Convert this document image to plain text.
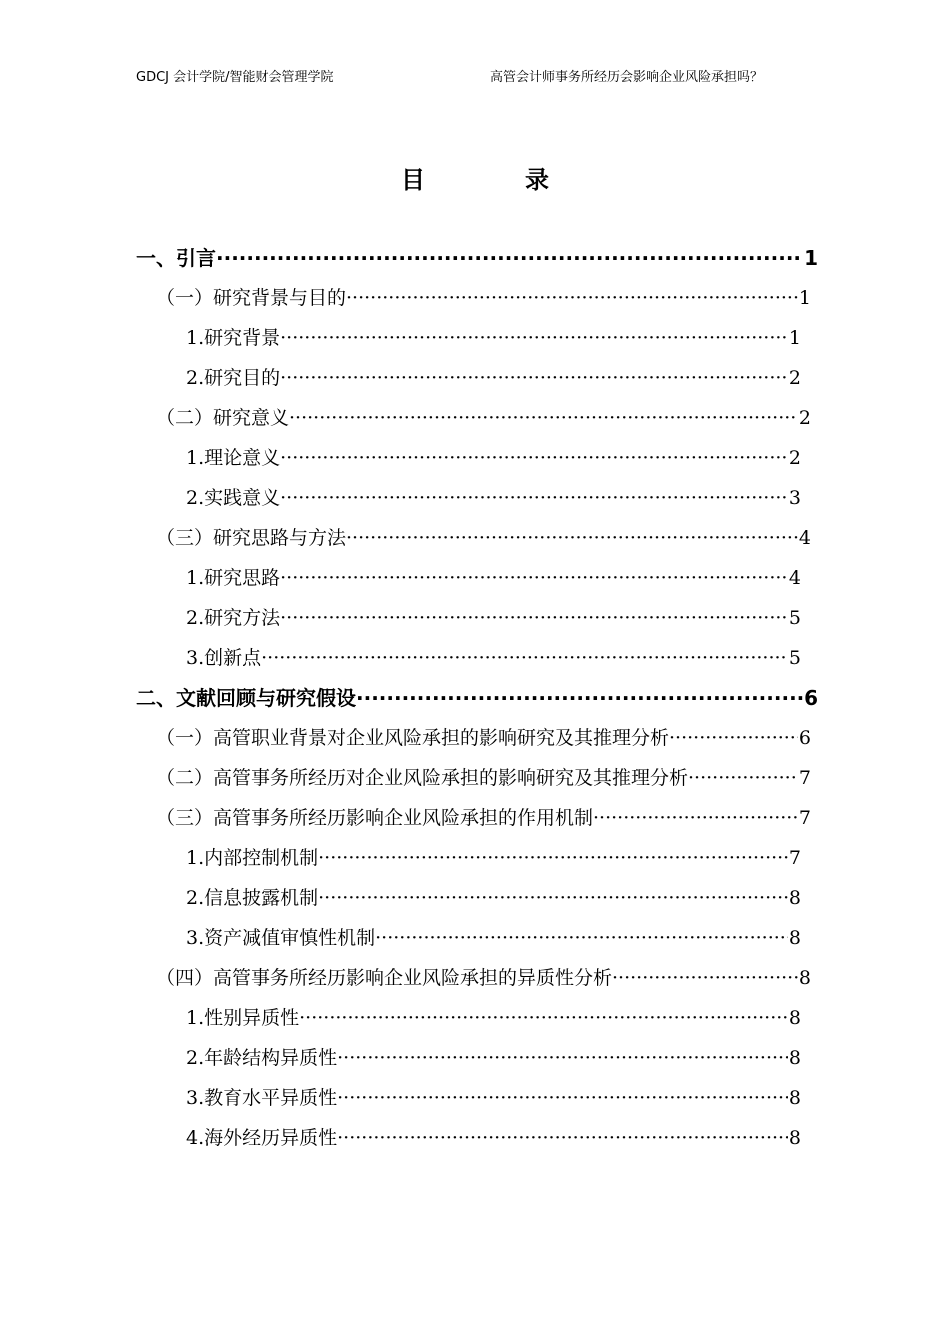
GDCJ 会计学院/智能财会管理学院	高管会计师事务所经历会影响企业风险承担吗？
目录
一、引言 ·····	1
（一）研究背景与目的 ·····	1
1.研究背景 ·····	1
2.研究目的 ·····	2
（二）研究意义 ·····	2
1.理论意义 ·····	2
2.实践意义 ·····	3
（三）研究思路与方法 ·····	4
1.研究思路 ·····	4
2.研究方法 ·····	5
3.创新点 ·····	5
二、文献回顾与研究假设 ·····	6
（一）高管职业背景对企业风险承担的影响研究及其推理分析 ·····	6
（二）高管事务所经历对企业风险承担的影响研究及其推理分析 ·····	7
（三）高管事务所经历影响企业风险承担的作用机制 ·····	7
1.内部控制机制 ·····	7
2.信息披露机制 ·····	8
3.资产减值审慎性机制 ·····	8
（四）高管事务所经历影响企业风险承担的异质性分析 ·····	8
1.性别异质性 ·····	8
2.年龄结构异质性 ·····	8
3.教育水平异质性 ·····	8
4.海外经历异质性 ·····	8
